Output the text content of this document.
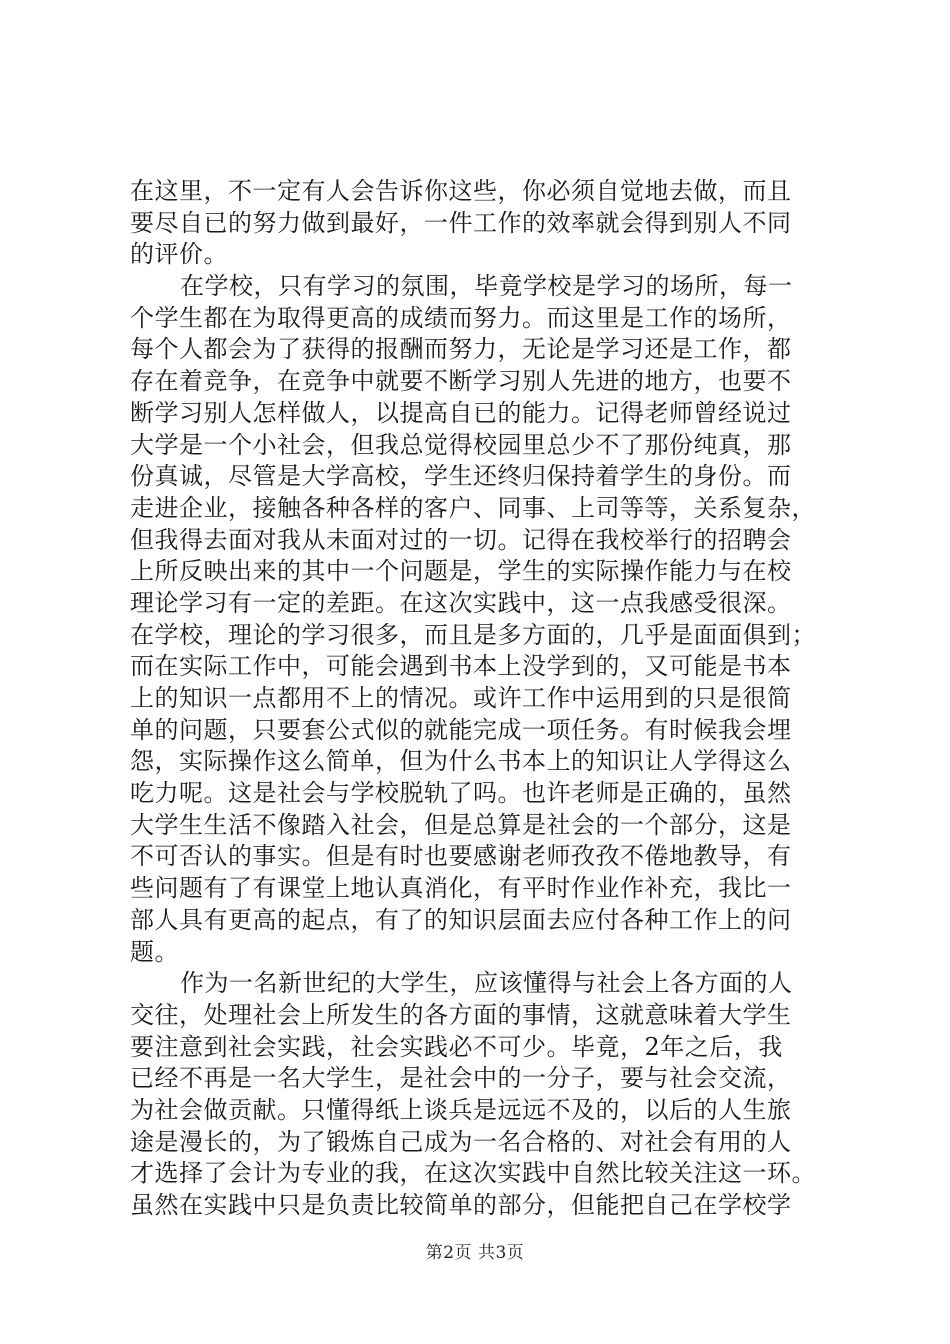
在这里，不一定有人会告诉你这些，你必须自觉地去做，而且
要尽自已的努力做到最好，一件工作的效率就会得到别人不同
的评价。
在学校，只有学习的氛围，毕竟学校是学习的场所，每一
个学生都在为取得更高的成绩而努力。而这里是工作的场所，
每个人都会为了获得的报酬而努力，无论是学习还是工作，都
存在着竞争，在竞争中就要不断学习别人先进的地方，也要不
断学习别人怎样做人，以提高自已的能力。记得老师曾经说过
大学是一个小社会，但我总觉得校园里总少不了那份纯真，那
份真诚，尽管是大学高校，学生还终归保持着学生的身份。而
走进企业，接触各种各样的客户、同事、上司等等，关系复杂，
但我得去面对我从未面对过的一切。记得在我校举行的招聘会
上所反映出来的其中一个问题是，学生的实际操作能力与在校
理论学习有一定的差距。在这次实践中，这一点我感受很深。
在学校，理论的学习很多，而且是多方面的，几乎是面面俱到；
而在实际工作中，可能会遇到书本上没学到的，又可能是书本
上的知识一点都用不上的情况。或许工作中运用到的只是很简
单的问题，只要套公式似的就能完成一项任务。有时候我会埋
怨，实际操作这么简单，但为什么书本上的知识让人学得这么
吃力呢。这是社会与学校脱轨了吗。也许老师是正确的，虽然
大学生生活不像踏入社会，但是总算是社会的一个部分，这是
不可否认的事实。但是有时也要感谢老师孜孜不倦地教导，有
些问题有了有课堂上地认真消化，有平时作业作补充，我比一
部人具有更高的起点，有了的知识层面去应付各种工作上的问
题。
作为一名新世纪的大学生，应该懂得与社会上各方面的人
交往，处理社会上所发生的各方面的事情，这就意味着大学生
要注意到社会实践，社会实践必不可少。毕竟，2年之后，我
已经不再是一名大学生，是社会中的一分子，要与社会交流，
为社会做贡献。只懂得纸上谈兵是远远不及的，以后的人生旅
途是漫长的，为了锻炼自己成为一名合格的、对社会有用的人
才选择了会计为专业的我，在这次实践中自然比较关注这一环。
虽然在实践中只是负责比较简单的部分，但能把自己在学校学
第2页 共3页
